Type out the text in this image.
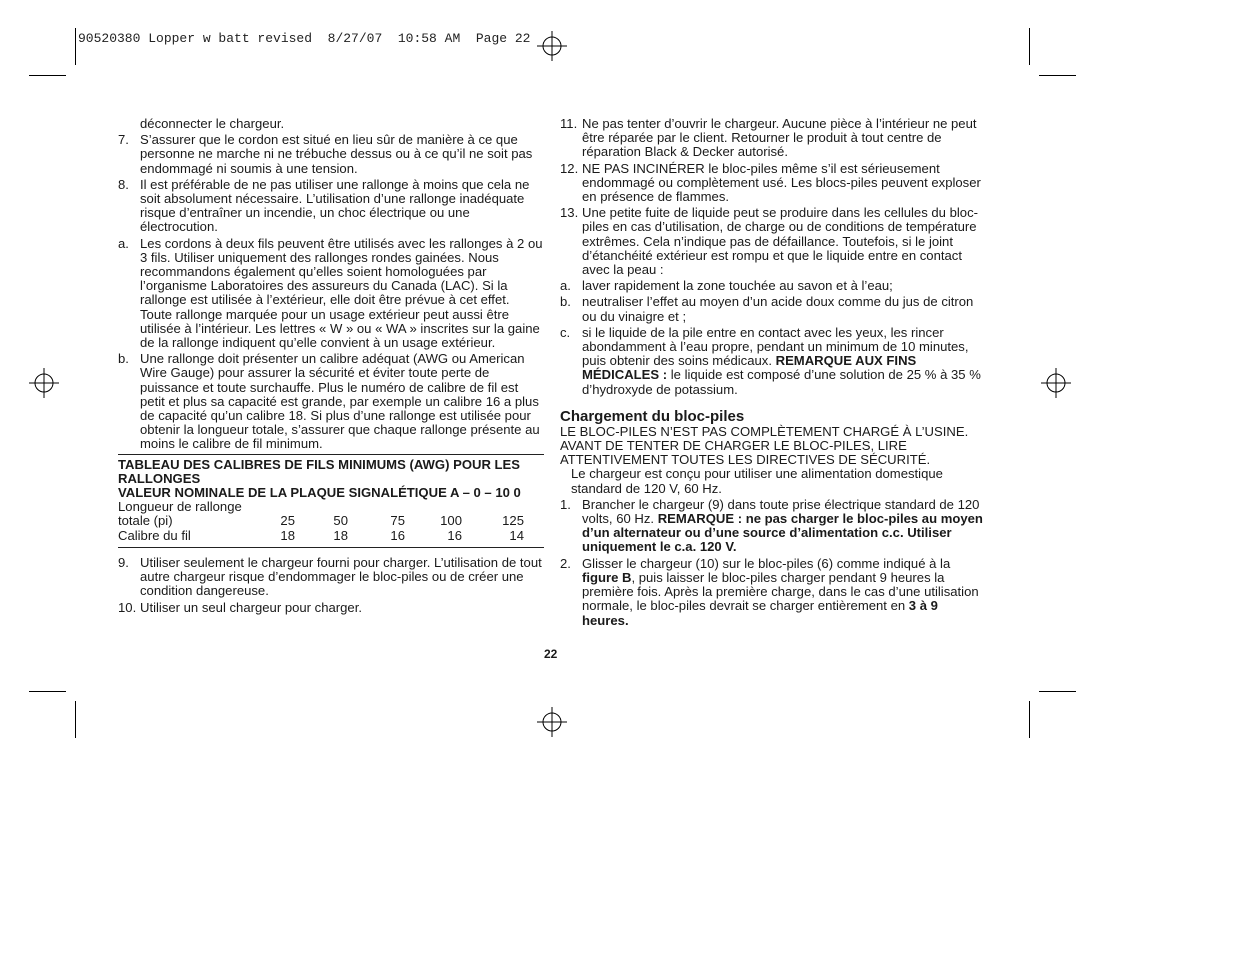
90520380 Lopper w batt revised  8/27/07  10:58 AM  Page 22
déconnecter le chargeur.
7. S’assurer que le cordon est situé en lieu sûr de manière à ce que personne ne marche ni ne trébuche dessus ou à ce qu’il ne soit pas endommagé ni soumis à une tension.
8. Il est préférable de ne pas utiliser une rallonge à moins que cela ne soit absolument nécessaire. L’utilisation d’une rallonge inadéquate risque d’entraîner un incendie, un choc électrique ou une électrocution.
a. Les cordons à deux fils peuvent être utilisés avec les rallonges à 2 ou 3 fils. Utiliser uniquement des rallonges rondes gainées. Nous recommandons également qu’elles soient homologuées par l’organisme Laboratoires des assureurs du Canada (LAC). Si la rallonge est utilisée à l’extérieur, elle doit être prévue à cet effet. Toute rallonge marquée pour un usage extérieur peut aussi être utilisée à l’intérieur. Les lettres « W » ou « WA » inscrites sur la gaine de la rallonge indiquent qu’elle convient à un usage extérieur.
b. Une rallonge doit présenter un calibre adéquat (AWG ou American Wire Gauge) pour assurer la sécurité et éviter toute perte de puissance et toute surchauffe. Plus le numéro de calibre de fil est petit et plus sa capacité est grande, par exemple un calibre 16 a plus de capacité qu’un calibre 18. Si plus d’une rallonge est utilisée pour obtenir la longueur totale, s’assurer que chaque rallonge présente au moins le calibre de fil minimum.
TABLEAU DES CALIBRES DE FILS MINIMUMS (AWG) POUR LES RALLONGES
VALEUR NOMINALE DE LA PLAQUE SIGNALÉTIQUE A – 0 – 10 0
Longueur de rallonge
totale (pi)	25	50	75	100	125
Calibre du fil	18	18	16	16	14
9. Utiliser seulement le chargeur fourni pour charger. L’utilisation de tout autre chargeur risque d’endommager le bloc-piles ou de créer une condition dangereuse.
10. Utiliser un seul chargeur pour charger.
11. Ne pas tenter d’ouvrir le chargeur. Aucune pièce à l’intérieur ne peut être réparée par le client. Retourner le produit à tout centre de réparation Black & Decker autorisé.
12. NE PAS INCINÉRER le bloc-piles même s’il est sérieusement endommagé ou complètement usé. Les blocs-piles peuvent exploser en présence de flammes.
13. Une petite fuite de liquide peut se produire dans les cellules du bloc-piles en cas d’utilisation, de charge ou de conditions de température extrêmes. Cela n’indique pas de défaillance. Toutefois, si le joint d’étanchéité extérieur est rompu et que le liquide entre en contact avec la peau :
a. laver rapidement la zone touchée au savon et à l’eau;
b. neutraliser l’effet au moyen d’un acide doux comme du jus de citron ou du vinaigre et ;
c. si le liquide de la pile entre en contact avec les yeux, les rincer abondamment à l’eau propre, pendant un minimum de 10 minutes, puis obtenir des soins médicaux. REMARQUE AUX FINS MÉDICALES : le liquide est composé d’une solution de 25 % à 35 % d’hydroxyde de potassium.
Chargement du bloc-piles
LE BLOC-PILES N’EST PAS COMPLÈTEMENT CHARGÉ À L’USINE. AVANT DE TENTER DE CHARGER LE BLOC-PILES, LIRE ATTENTIVEMENT TOUTES LES DIRECTIVES DE SÉCURITÉ.
Le chargeur est conçu pour utiliser une alimentation domestique standard de 120 V, 60 Hz.
1. Brancher le chargeur (9) dans toute prise électrique standard de 120 volts, 60 Hz. REMARQUE : ne pas charger le bloc-piles au moyen d’un alternateur ou d’une source d’alimentation c.c. Utiliser uniquement le c.a. 120 V.
2. Glisser le chargeur (10) sur le bloc-piles (6) comme indiqué à la figure B, puis laisser le bloc-piles charger pendant 9 heures la première fois. Après la première charge, dans le cas d’une utilisation normale, le bloc-piles devrait se charger entièrement en 3 à 9 heures.
22
